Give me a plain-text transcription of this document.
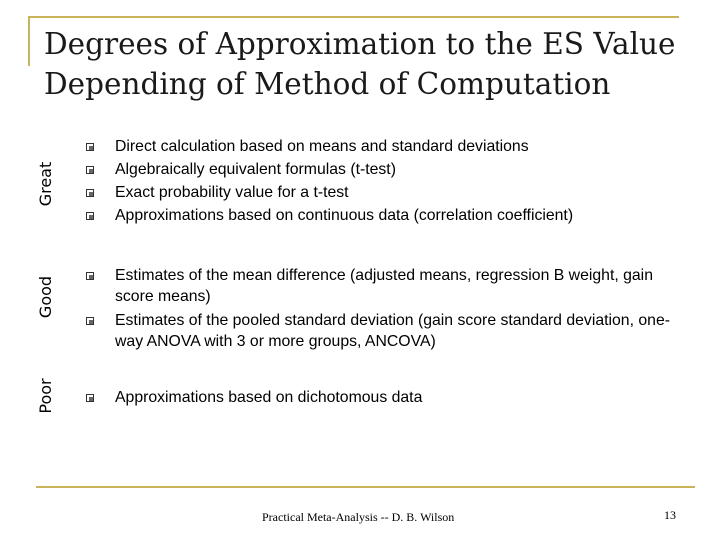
Degrees of Approximation to the ES Value
Depending of Method of Computation
Great
Good
Poor
Direct calculation based on means and standard deviations
Algebraically equivalent formulas (t-test)
Exact probability value for a t-test
Approximations based on continuous data (correlation coefficient)
Estimates of the mean difference (adjusted means, regression B weight, gain score means)
Estimates of the pooled standard deviation (gain score standard deviation, one-way ANOVA with 3 or more groups, ANCOVA)
Approximations based on dichotomous data
Practical Meta-Analysis -- D. B. Wilson	13
